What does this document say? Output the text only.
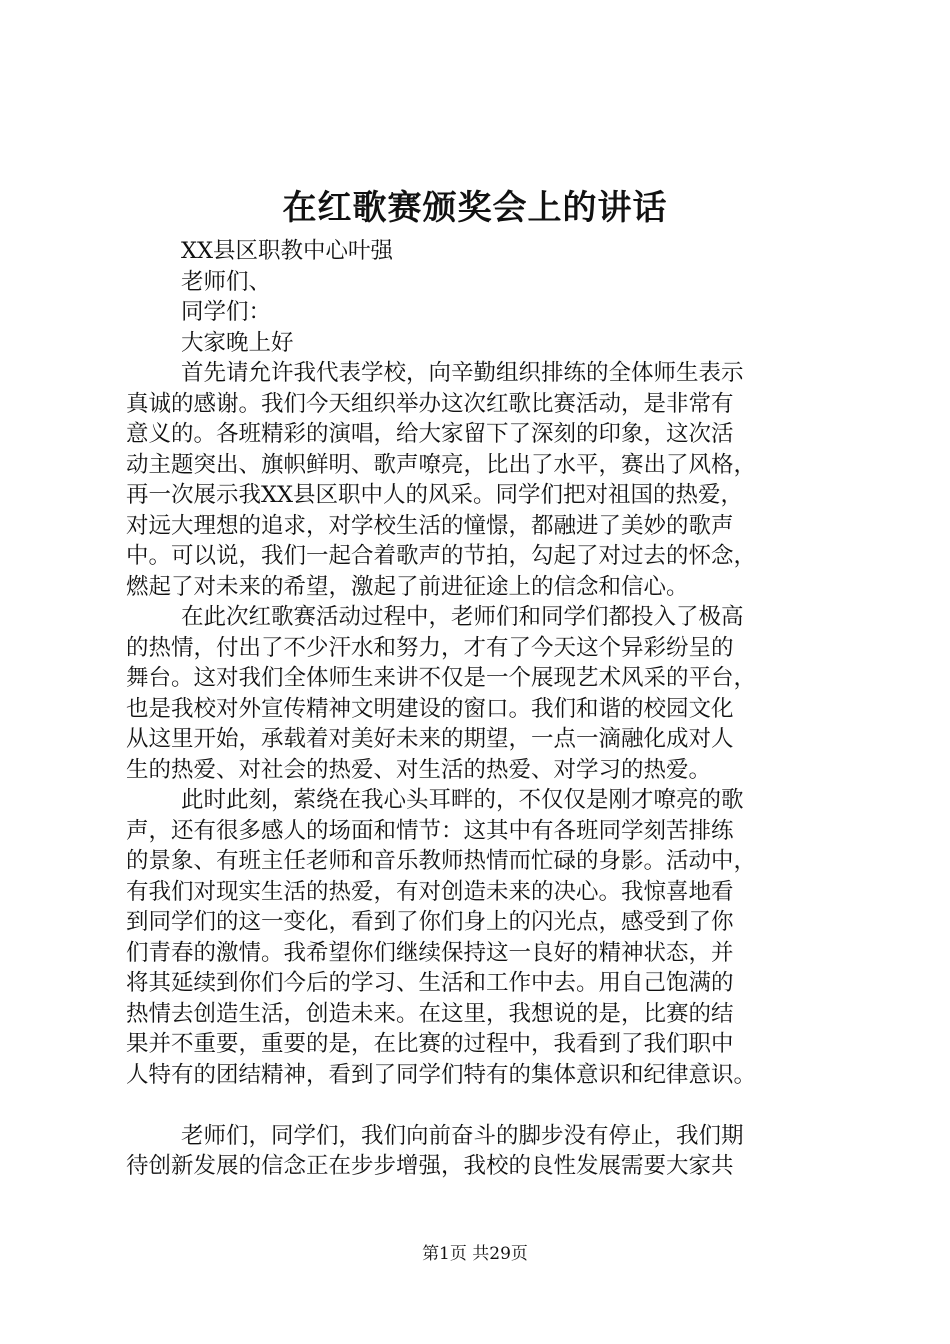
在红歌赛颁奖会上的讲话
XX县区职教中心叶强
老师们、
同学们：
大家晚上好
首先请允许我代表学校，向辛勤组织排练的全体师生表示
真诚的感谢。我们今天组织举办这次红歌比赛活动，是非常有
意义的。各班精彩的演唱，给大家留下了深刻的印象，这次活
动主题突出、旗帜鲜明、歌声嘹亮，比出了水平，赛出了风格，
再一次展示我XX县区职中人的风采。同学们把对祖国的热爱，
对远大理想的追求，对学校生活的憧憬，都融进了美妙的歌声
中。可以说，我们一起合着歌声的节拍，勾起了对过去的怀念，
燃起了对未来的希望，激起了前进征途上的信念和信心。
在此次红歌赛活动过程中，老师们和同学们都投入了极高
的热情，付出了不少汗水和努力，才有了今天这个异彩纷呈的
舞台。这对我们全体师生来讲不仅是一个展现艺术风采的平台，
也是我校对外宣传精神文明建设的窗口。我们和谐的校园文化
从这里开始，承载着对美好未来的期望，一点一滴融化成对人
生的热爱、对社会的热爱、对生活的热爱、对学习的热爱。
此时此刻，萦绕在我心头耳畔的，不仅仅是刚才嘹亮的歌
声，还有很多感人的场面和情节：这其中有各班同学刻苦排练
的景象、有班主任老师和音乐教师热情而忙碌的身影。活动中，
有我们对现实生活的热爱，有对创造未来的决心。我惊喜地看
到同学们的这一变化，看到了你们身上的闪光点，感受到了你
们青春的激情。我希望你们继续保持这一良好的精神状态，并
将其延续到你们今后的学习、生活和工作中去。用自己饱满的
热情去创造生活，创造未来。在这里，我想说的是，比赛的结
果并不重要，重要的是，在比赛的过程中，我看到了我们职中
人特有的团结精神，看到了同学们特有的集体意识和纪律意识。
老师们，同学们，我们向前奋斗的脚步没有停止，我们期
待创新发展的信念正在步步增强，我校的良性发展需要大家共
第1页 共29页
